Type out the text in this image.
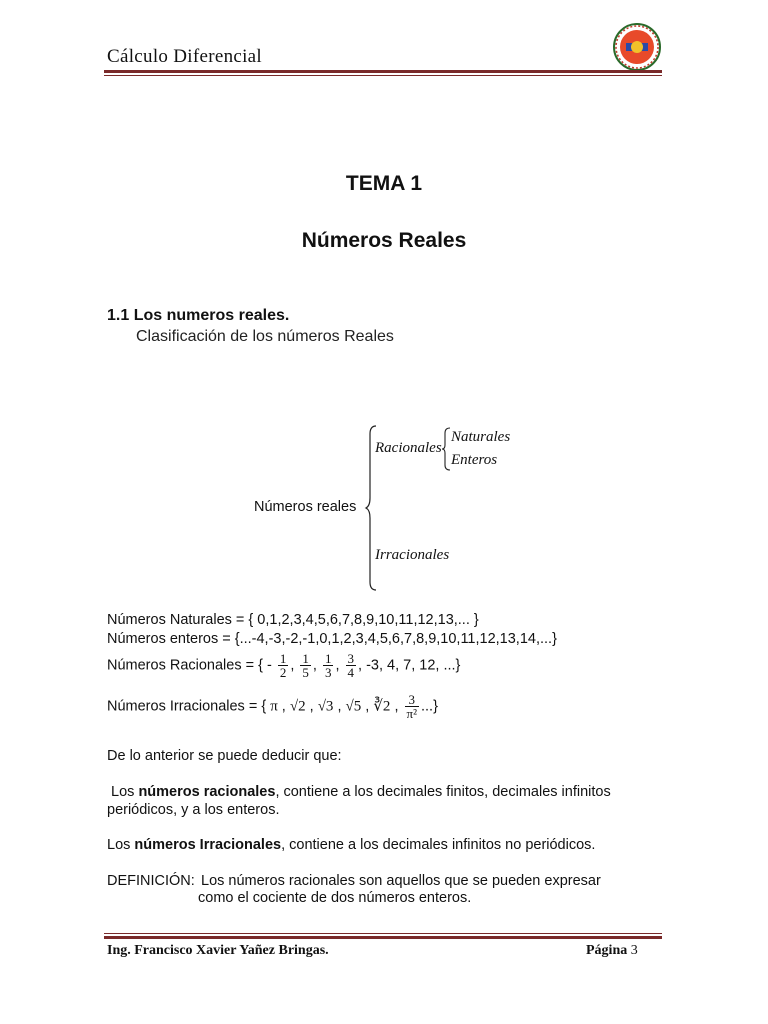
Cálculo Diferencial
TEMA 1
Números Reales
1.1 Los numeros reales.
Clasificación de los números Reales
Números reales
Racionales
Naturales
Enteros
Irracionales
Números Naturales = { 0,1,2,3,4,5,6,7,8,9,10,11,12,13,... }
Números enteros = {...-4,-3,-2,-1,0,1,2,3,4,5,6,7,8,9,10,11,12,13,14,...}
Números Racionales = { - $\frac{1}{2}$ , $\frac{1}{5}$ , $\frac{1}{3}$ , $\frac{3}{4}$ , -3, 4, 7, 12, ...}
Números Irracionales = { π , √2 , √3 , √5 , ∛2 , $\frac{3}{\text{π²}}$ ...}
De lo anterior se puede deducir que:
Los números racionales, contiene a los decimales finitos, decimales infinitos periódicos, y a los enteros.
Los números Irracionales, contiene a los decimales infinitos no periódicos.
DEFINICIÓN: Los números racionales son aquellos que se pueden expresar
como el cociente de dos números enteros.
Ing. Francisco Xavier Yañez Bringas.	Página 3
